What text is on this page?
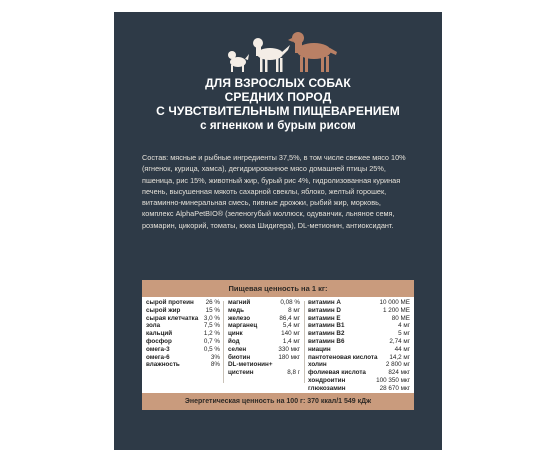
ДЛЯ ВЗРОСЛЫХ СОБАК
СРЕДНИХ ПОРОД
С ЧУВСТВИТЕЛЬНЫМ ПИЩЕВАРЕНИЕМ
с ягненком и бурым рисом
Состав: мясные и рыбные ингредиенты 37,5%, в том числе свежее мясо 10% (ягненок, курица, хамса), дегидрированное мясо домашней птицы 25%, пшеница, рис 15%, животный жир, бурый рис 4%, гидролизованная куриная печень, высушенная мякоть сахарной свеклы, яблоко, желтый горошек, витаминно-минеральная смесь, пивные дрожжи, рыбий жир, морковь, комплекс AlphaPetBIO® (зеленогубый моллюск, одуванчик, льняное семя, розмарин, цикорий, томаты, юкка Шидигера), DL-метионин, антиоксидант.
Пищевая ценность на 1 кг:
сырой протеин 26 %
сырой жир	15 %
сырая клетчатка 3,0 %
зола	7,5 %
кальций	1,2 %
фосфор	0,7 %
омега-3	0,5 %
омега-6	3%
влажность	8%
магний	0,08 %
медь	8 мг
железо	86,4 мг
марганец	5,4 мг
цинк	140 мг
йод	1,4 мг
селен	330 мкг
биотин	180 мкг
DL-метионин+
цистеин	8,8 г
витамин А	10 000 МЕ
витамин D	1 200 МЕ
витамин Е	80 МЕ
витамин В1	4 мг
витамин В2	5 мг
витамин В6	2,74 мг
ниацин	44 мг
пантотеновая кислота 14,2 мг
холин	2 800 мг
фолиевая кислота	824 мкг
хондроитин	100 350 мкг
глюкозамин	28 670 мкг
Энергетическая ценность на 100 г: 370 ккал/1 549 кДж
